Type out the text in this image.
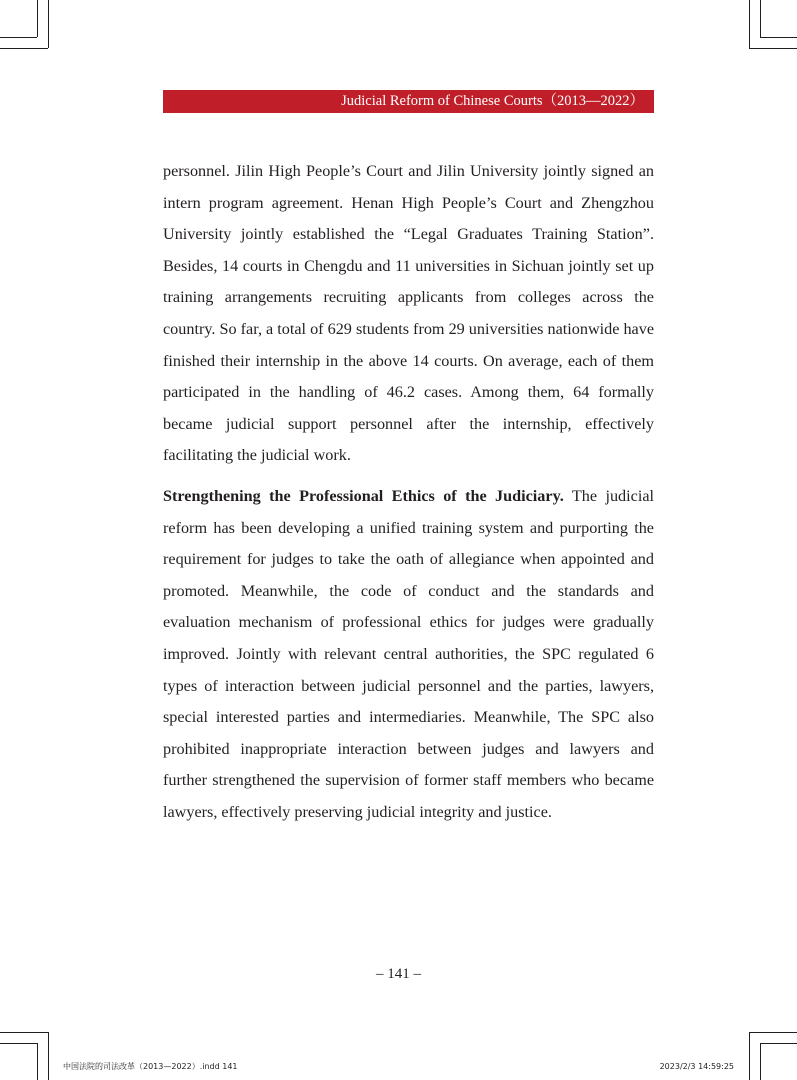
Judicial Reform of Chinese Courts（2013—2022）

personnel. Jilin High People’s Court and Jilin University jointly signed an intern program agreement. Henan High People’s Court and Zhengzhou University jointly established the “Legal Graduates Training Station”. Besides, 14 courts in Chengdu and 11 universities in Sichuan jointly set up training arrangements recruiting applicants from colleges across the country. So far, a total of 629 students from 29 universities nationwide have finished their internship in the above 14 courts. On average, each of them participated in the handling of 46.2 cases. Among them, 64 formally became judicial support personnel after the internship, effectively facilitating the judicial work.

Strengthening the Professional Ethics of the Judiciary. The judicial reform has been developing a unified training system and purporting the requirement for judges to take the oath of allegiance when appointed and promoted. Meanwhile, the code of conduct and the standards and evaluation mechanism of professional ethics for judges were gradually improved. Jointly with relevant central authorities, the SPC regulated 6 types of interaction between judicial personnel and the parties, lawyers, special interested parties and intermediaries. Meanwhile, The SPC also prohibited inappropriate interaction between judges and lawyers and further strengthened the supervision of former staff members who became lawyers, effectively preserving judicial integrity and justice.

– 141 –
中国法院的司法改革（2013—2022）.indd 141	2023/2/3 14:59:25
